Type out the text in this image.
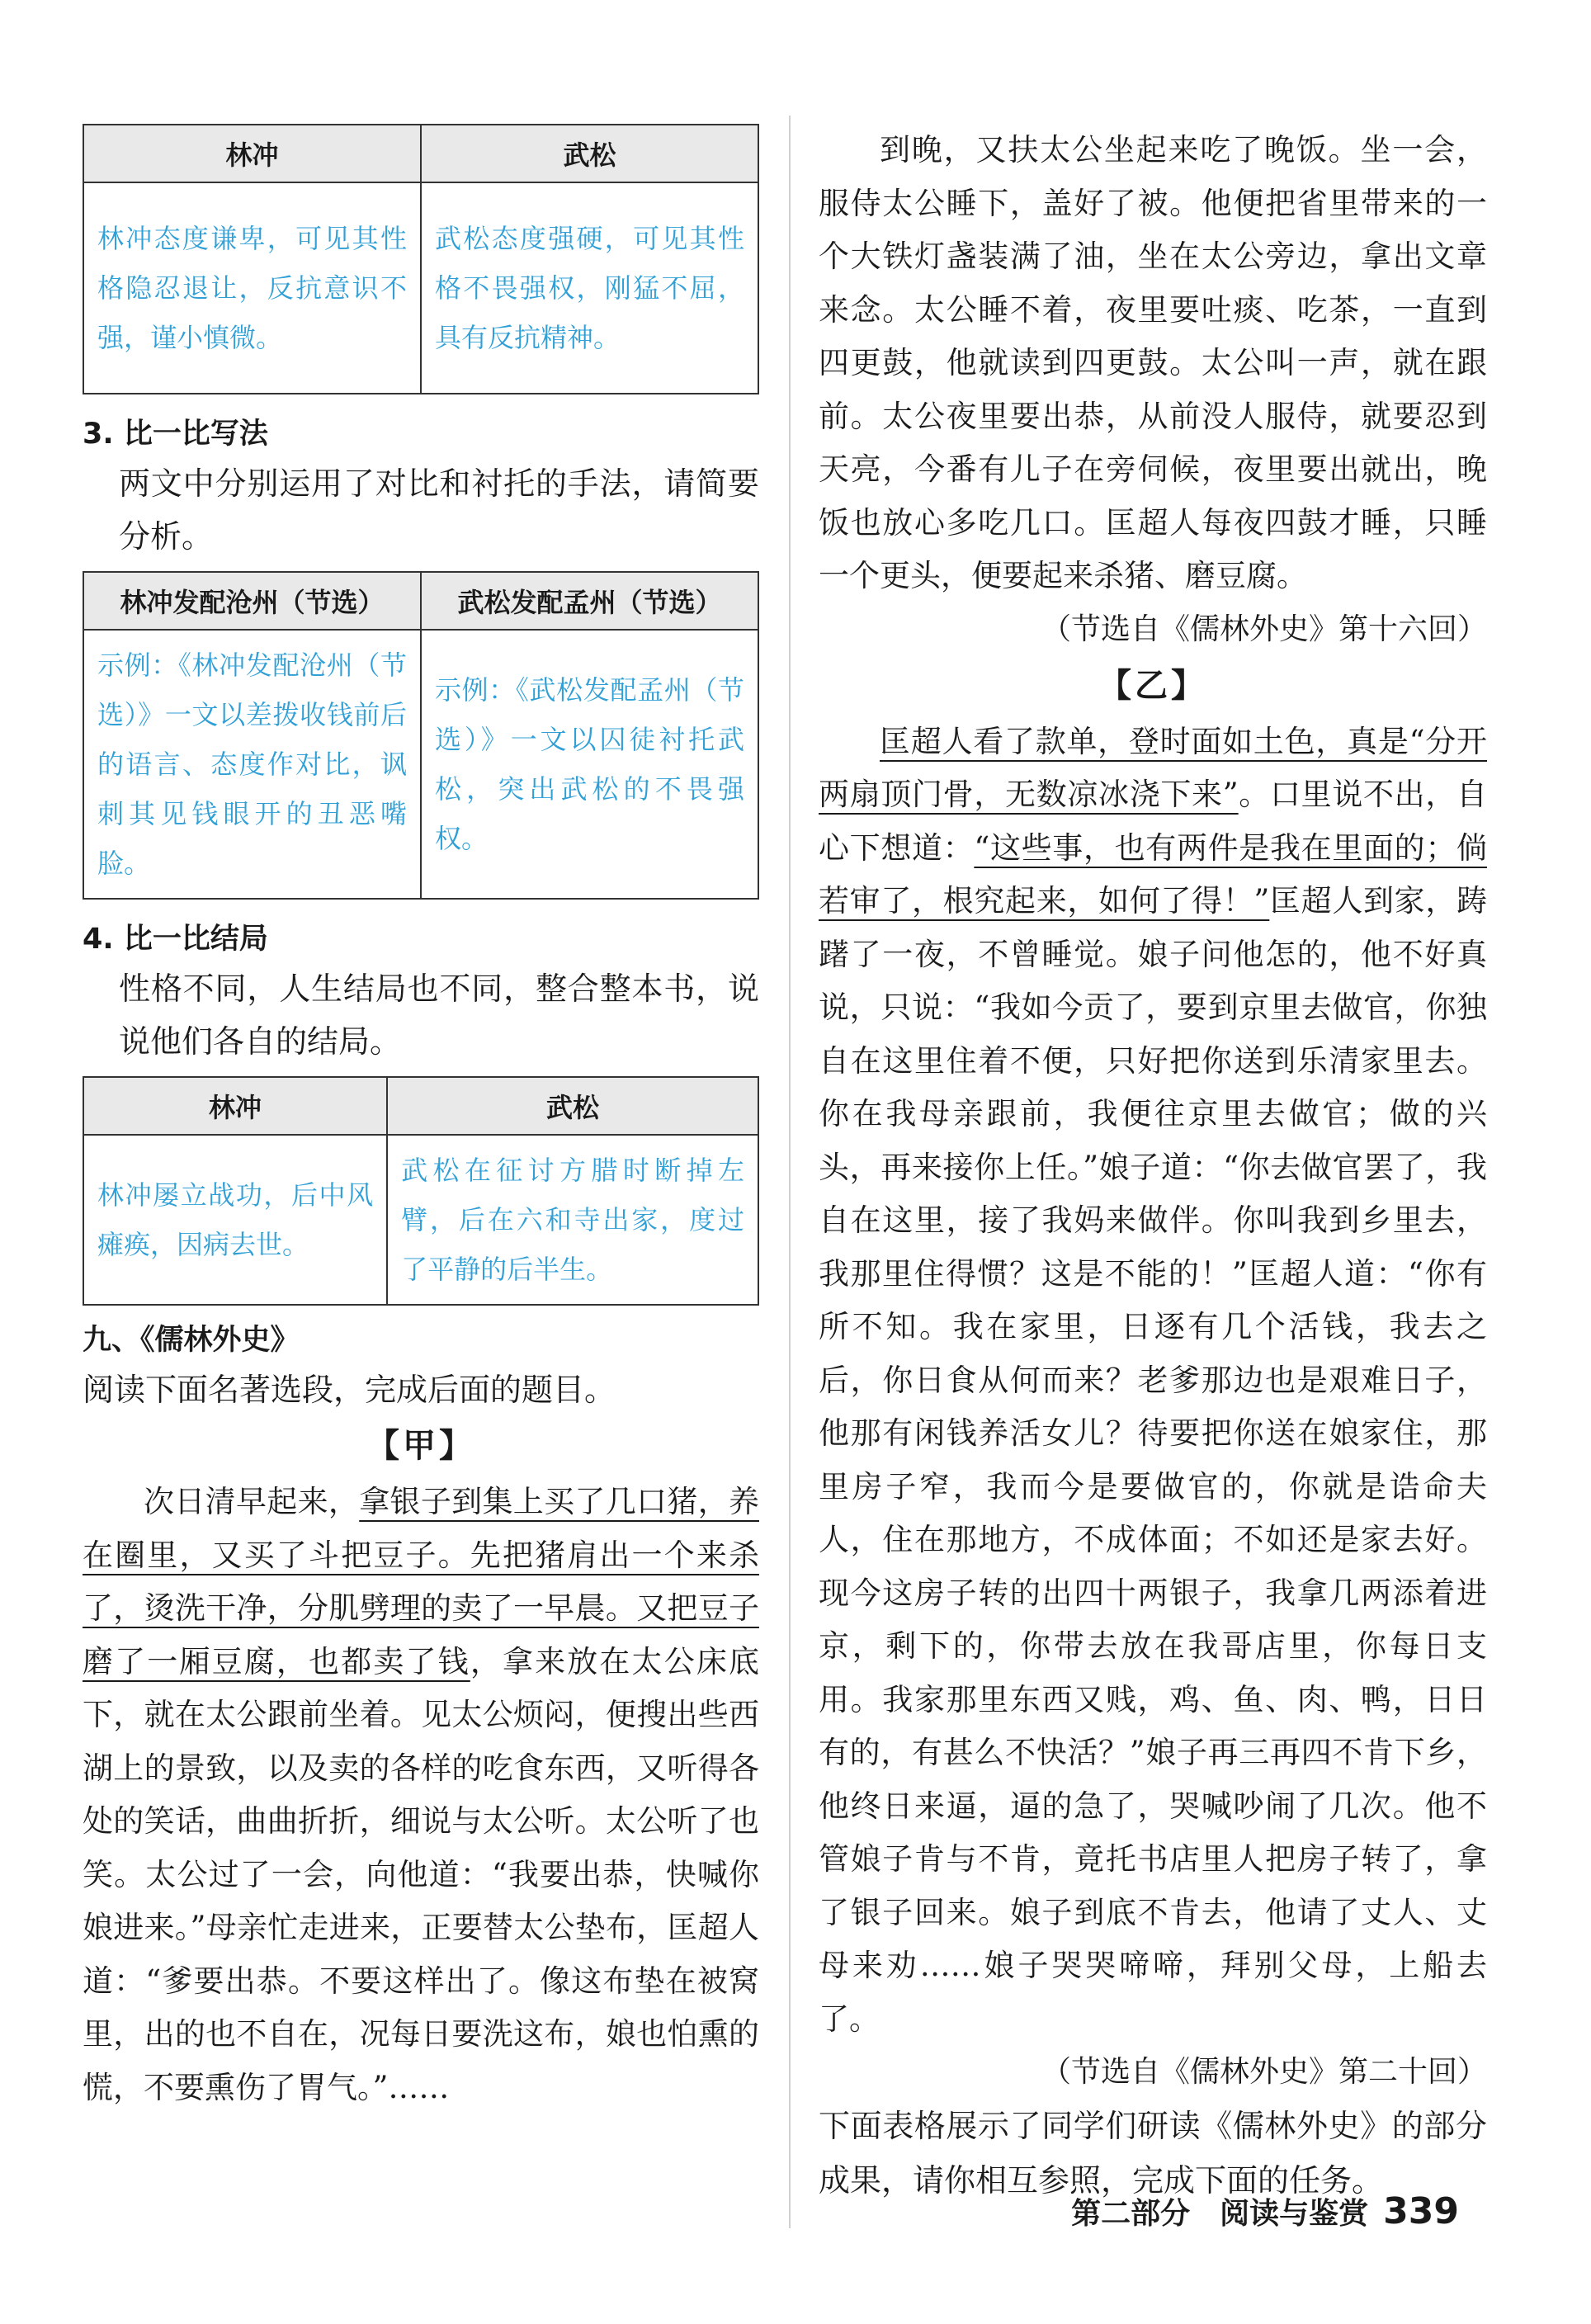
林冲	武松
林冲态度谦卑，可见其性格隐忍退让，反抗意识不强，谨小慎微。	武松态度强硬，可见其性格不畏强权，刚猛不屈，具有反抗精神。
3. 比一比写法
两文中分别运用了对比和衬托的手法，请简要分析。
林冲发配沧州（节选）	武松发配孟州（节选）
示例：《林冲发配沧州（节选）》一文以差拨收钱前后的语言、态度作对比，讽刺其见钱眼开的丑恶嘴脸。	示例：《武松发配孟州（节选）》一文以囚徒衬托武松，突出武松的不畏强权。
4. 比一比结局
性格不同，人生结局也不同，整合整本书，说说他们各自的结局。
林冲	武松
林冲屡立战功，后中风瘫痪，因病去世。	武松在征讨方腊时断掉左臂，后在六和寺出家，度过了平静的后半生。
九、《儒林外史》
阅读下面名著选段，完成后面的题目。
【甲】

次日清早起来，拿银子到集上买了几口猪，养在圈里，又买了斗把豆子。先把猪肩出一个来杀了，烫洗干净，分肌劈理的卖了一早晨。又把豆子磨了一厢豆腐，也都卖了钱，拿来放在太公床底下，就在太公跟前坐着。见太公烦闷，便搜出些西湖上的景致，以及卖的各样的吃食东西，又听得各处的笑话，曲曲折折，细说与太公听。太公听了也笑。太公过了一会，向他道：“我要出恭，快喊你娘进来。”母亲忙走进来，正要替太公垫布，匡超人道：“爹要出恭。不要这样出了。像这布垫在被窝里，出的也不自在，况每日要洗这布，娘也怕熏的慌，不要熏伤了胃气。”……

到晚，又扶太公坐起来吃了晚饭。坐一会，服侍太公睡下，盖好了被。他便把省里带来的一个大铁灯盏装满了油，坐在太公旁边，拿出文章来念。太公睡不着，夜里要吐痰、吃茶，一直到四更鼓，他就读到四更鼓。太公叫一声，就在跟前。太公夜里要出恭，从前没人服侍，就要忍到天亮，今番有儿子在旁伺候，夜里要出就出，晚饭也放心多吃几口。匡超人每夜四鼓才睡，只睡一个更头，便要起来杀猪、磨豆腐。

（节选自《儒林外史》第十六回）
【乙】

匡超人看了款单，登时面如土色，真是“分开两扇顶门骨，无数凉冰浇下来”。口里说不出，自心下想道：“这些事，也有两件是我在里面的；倘若审了，根究起来，如何了得！”匡超人到家，踌躇了一夜，不曾睡觉。娘子问他怎的，他不好真说，只说：“我如今贡了，要到京里去做官，你独自在这里住着不便，只好把你送到乐清家里去。你在我母亲跟前，我便往京里去做官；做的兴头，再来接你上任。”娘子道：“你去做官罢了，我自在这里，接了我妈来做伴。你叫我到乡里去，我那里住得惯？这是不能的！”匡超人道：“你有所不知。我在家里，日逐有几个活钱，我去之后，你日食从何而来？老爹那边也是艰难日子，他那有闲钱养活女儿？待要把你送在娘家住，那里房子窄，我而今是要做官的，你就是诰命夫人，住在那地方，不成体面；不如还是家去好。现今这房子转的出四十两银子，我拿几两添着进京，剩下的，你带去放在我哥店里，你每日支用。我家那里东西又贱，鸡、鱼、肉、鸭，日日有的，有甚么不快活？”娘子再三再四不肯下乡，他终日来逼，逼的急了，哭喊吵闹了几次。他不管娘子肯与不肯，竟托书店里人把房子转了，拿了银子回来。娘子到底不肯去，他请了丈人、丈母来劝……娘子哭哭啼啼，拜别父母，上船去了。

（节选自《儒林外史》第二十回）
下面表格展示了同学们研读《儒林外史》的部分成果，请你相互参照，完成下面的任务。
第二部分　阅读与鉴赏 339
